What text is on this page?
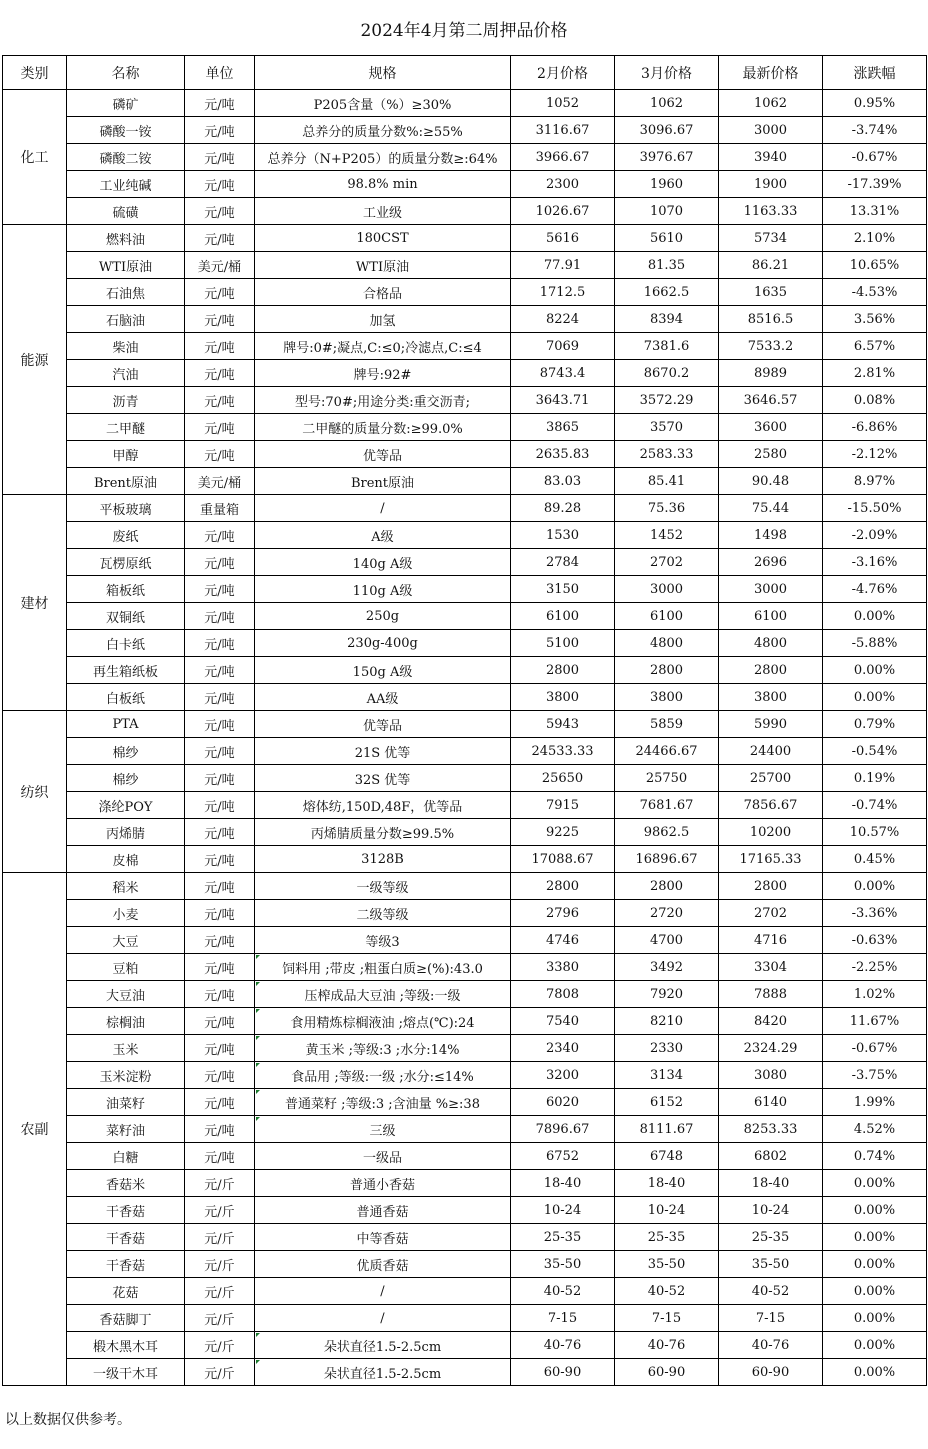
2024年4月第二周押品价格
类别	名称	单位	规格	2月价格	3月价格	最新价格	涨跌幅
化工	磷矿	元/吨	P205含量（%）≥30%	1052	1062	1062	0.95%
	磷酸一铵	元/吨	总养分的质量分数%:≥55%	3116.67	3096.67	3000	-3.74%
	磷酸二铵	元/吨	总养分（N+P205）的质量分数≥:64%	3966.67	3976.67	3940	-0.67%
	工业纯碱	元/吨	98.8% min	2300	1960	1900	-17.39%
	硫磺	元/吨	工业级	1026.67	1070	1163.33	13.31%
能源	燃料油	元/吨	180CST	5616	5610	5734	2.10%
	WTI原油	美元/桶	WTI原油	77.91	81.35	86.21	10.65%
	石油焦	元/吨	合格品	1712.5	1662.5	1635	-4.53%
	石脑油	元/吨	加氢	8224	8394	8516.5	3.56%
	柴油	元/吨	牌号:0#;凝点,C:≤0;冷滤点,C:≤4	7069	7381.6	7533.2	6.57%
	汽油	元/吨	牌号:92#	8743.4	8670.2	8989	2.81%
	沥青	元/吨	型号:70#;用途分类:重交沥青;	3643.71	3572.29	3646.57	0.08%
	二甲醚	元/吨	二甲醚的质量分数:≥99.0%	3865	3570	3600	-6.86%
	甲醇	元/吨	优等品	2635.83	2583.33	2580	-2.12%
	Brent原油	美元/桶	Brent原油	83.03	85.41	90.48	8.97%
建材	平板玻璃	重量箱	/	89.28	75.36	75.44	-15.50%
	废纸	元/吨	A级	1530	1452	1498	-2.09%
	瓦楞原纸	元/吨	140g A级	2784	2702	2696	-3.16%
	箱板纸	元/吨	110g A级	3150	3000	3000	-4.76%
	双铜纸	元/吨	250g	6100	6100	6100	0.00%
	白卡纸	元/吨	230g-400g	5100	4800	4800	-5.88%
	再生箱纸板	元/吨	150g A级	2800	2800	2800	0.00%
	白板纸	元/吨	AA级	3800	3800	3800	0.00%
纺织	PTA	元/吨	优等品	5943	5859	5990	0.79%
	棉纱	元/吨	21S 优等	24533.33	24466.67	24400	-0.54%
	棉纱	元/吨	32S 优等	25650	25750	25700	0.19%
	涤纶POY	元/吨	熔体纺,150D,48F，优等品	7915	7681.67	7856.67	-0.74%
	丙烯腈	元/吨	丙烯腈质量分数≥99.5%	9225	9862.5	10200	10.57%
	皮棉	元/吨	3128B	17088.67	16896.67	17165.33	0.45%
农副	稻米	元/吨	一级等级	2800	2800	2800	0.00%
	小麦	元/吨	二级等级	2796	2720	2702	-3.36%
	大豆	元/吨	等级3	4746	4700	4716	-0.63%
	豆粕	元/吨	饲料用 ;带皮 ;粗蛋白质≥(%):43.0	3380	3492	3304	-2.25%
	大豆油	元/吨	压榨成品大豆油 ;等级:一级	7808	7920	7888	1.02%
	棕榈油	元/吨	食用精炼棕榈液油 ;熔点(℃):24	7540	8210	8420	11.67%
	玉米	元/吨	黄玉米 ;等级:3 ;水分:14%	2340	2330	2324.29	-0.67%
	玉米淀粉	元/吨	食品用 ;等级:一级 ;水分:≤14%	3200	3134	3080	-3.75%
	油菜籽	元/吨	普通菜籽 ;等级:3 ;含油量 %≥:38	6020	6152	6140	1.99%
	菜籽油	元/吨	三级	7896.67	8111.67	8253.33	4.52%
	白糖	元/吨	一级品	6752	6748	6802	0.74%
	香菇米	元/斤	普通小香菇	18-40	18-40	18-40	0.00%
	干香菇	元/斤	普通香菇	10-24	10-24	10-24	0.00%
	干香菇	元/斤	中等香菇	25-35	25-35	25-35	0.00%
	干香菇	元/斤	优质香菇	35-50	35-50	35-50	0.00%
	花菇	元/斤	/	40-52	40-52	40-52	0.00%
	香菇脚丁	元/斤	/	7-15	7-15	7-15	0.00%
	椴木黑木耳	元/斤	朵状直径1.5-2.5cm	40-76	40-76	40-76	0.00%
	一级干木耳	元/斤	朵状直径1.5-2.5cm	60-90	60-90	60-90	0.00%
以上数据仅供参考。
